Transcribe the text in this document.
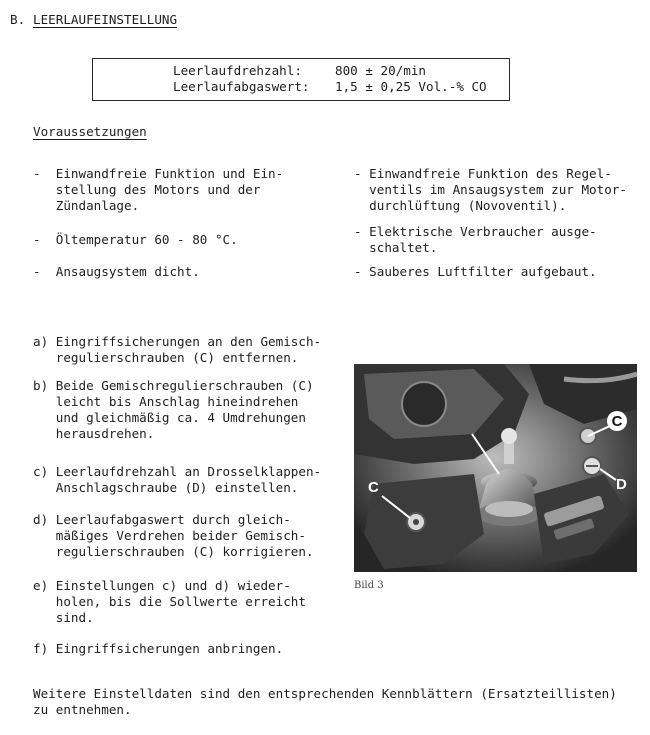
B. LEERLAUFEINSTELLUNG
Leerlaufdrehzahl:	800 ± 20/min
Leerlaufabgaswert: 1,5 ± 0,25 Vol.-% CO
Voraussetzungen
-  Einwandfreie Funktion und Ein-
stellung des Motors und der
Zündanlage.
-  Öltemperatur 60 - 80 °C.
-  Ansaugsystem dicht.
- Einwandfreie Funktion des Regel-
ventils im Ansaugsystem zur Motor-
durchlüftung (Novoventil).
- Elektrische Verbraucher ausge-
schaltet.
- Sauberes Luftfilter aufgebaut.
a) Eingriffsicherungen an den Gemisch-
regulierschrauben (C) entfernen.
b) Beide Gemischregulierschrauben (C)
leicht bis Anschlag hineindrehen
und gleichmäßig ca. 4 Umdrehungen
herausdrehen.
c) Leerlaufdrehzahl an Drosselklappen-
Anschlagschraube (D) einstellen.
d) Leerlaufabgaswert durch gleich-
mäßiges Verdrehen beider Gemisch-
regulierschrauben (C) korrigieren.
e) Einstellungen c) und d) wieder-
holen, bis die Sollwerte erreicht
sind.
f) Eingriffsicherungen anbringen.
C
D
C
Bild 3
Weitere Einstelldaten sind den entsprechenden Kennblättern (Ersatzteillisten)
zu entnehmen.
